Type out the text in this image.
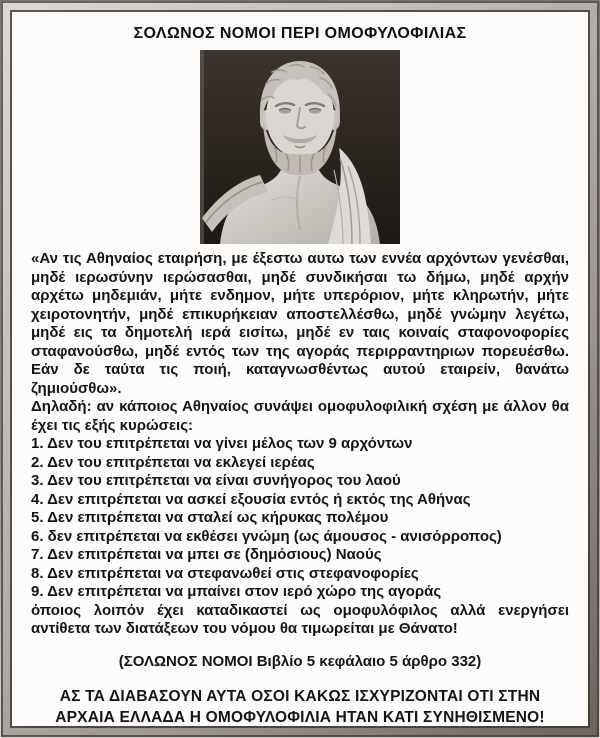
ΣΟΛΩΝΟΣ ΝΟΜΟΙ ΠΕΡΙ ΟΜΟΦΥΛΟΦΙΛΙΑΣ

«Αν τις Αθηναίος εταιρήση, με έξεστω αυτω των εννέα αρχόντων γενέσθαι, μηδέ ιερωσύνην ιερώσασθαι, μηδέ συνδικήσαι τω δήμω, μηδέ αρχήν αρχέτω μηδεμιάν, μήτε ενδημον, μήτε υπερόριον, μήτε κληρωτήν, μήτε χειροτονητήν, μηδέ επικυρήκειαν αποστελλέσθω, μηδέ γνώμην λεγέτω, μηδέ εις τα δημοτελή ιερά εισίτω, μηδέ εν ταις κοιναίς σταφονοφορίες σταφανούσθω, μηδέ εντός των της αγοράς περιρραντηριων πορευέσθω. Εάν δε ταύτα τις ποιή, καταγνωσθέντως αυτού εταιρείν, θανάτω ζημιούσθω».

Δηλαδή: αν κάποιος Αθηναίος συνάψει ομοφυλοφιλική σχέση με άλλον θα έχει τις εξής κυρώσεις:

1. Δεν του επιτρέπεται να γίνει μέλος των 9 αρχόντων
2. Δεν του επιτρέπεται να εκλεγεί ιερέας
3. Δεν του επιτρέπεται να είναι συνήγορος του λαού
4. Δεν επιτρέπεται να ασκεί εξουσία εντός ή εκτός της Αθήνας
5. Δεν επιτρέπεται να σταλεί ως κήρυκας πολέμου
6. δεν επιτρέπεται να εκθέσει γνώμη (ως άμουσος - ανισόρροπος)
7. Δεν επιτρέπεται να μπει σε (δημόσιους) Ναούς
8. Δεν επιτρέπεται να στεφανωθεί στις στεφανοφορίες
9. Δεν επιτρέπεται να μπαίνει στον ιερό χώρο της αγοράς

όποιος λοιπόν έχει καταδικαστεί ως ομοφυλόφιλος αλλά ενεργήσει αντίθετα των διατάξεων του νόμου θα τιμωρείται με Θάνατο!

(ΣΟΛΩΝΟΣ ΝΟΜΟΙ Βιβλίο 5 κεφάλαιο 5 άρθρο 332)

ΑΣ ΤΑ ΔΙΑΒΑΣΟΥΝ ΑΥΤΑ ΟΣΟΙ ΚΑΚΩΣ ΙΣΧΥΡΙΖΟΝΤΑΙ ΟΤΙ ΣΤΗΝ
ΑΡΧΑΙΑ ΕΛΛΑΔΑ Η ΟΜΟΦΥΛΟΦΙΛΙΑ ΗΤΑΝ ΚΑΤΙ ΣΥΝΗΘΙΣΜΕΝΟ!
